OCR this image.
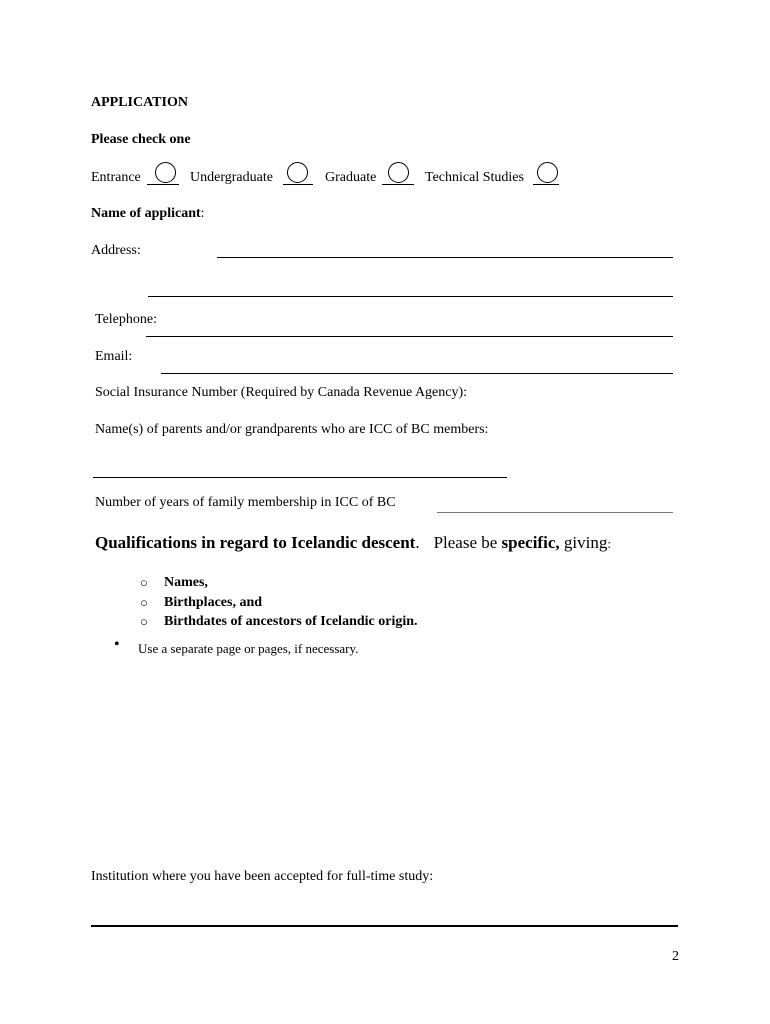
APPLICATION
Please check one
Entrance	Undergraduate	Graduate	Technical Studies
Name of applicant:
Address:
Telephone:
Email:
Social Insurance Number (Required by Canada Revenue Agency):
Name(s) of parents and/or grandparents who are ICC of BC members:
Number of years of family membership in ICC of BC
Qualifications in regard to Icelandic descent. Please be specific, giving:
○ Names,
○ Birthplaces, and
○ Birthdates of ancestors of Icelandic origin.
• Use a separate page or pages, if necessary.
Institution where you have been accepted for full-time study:
2
